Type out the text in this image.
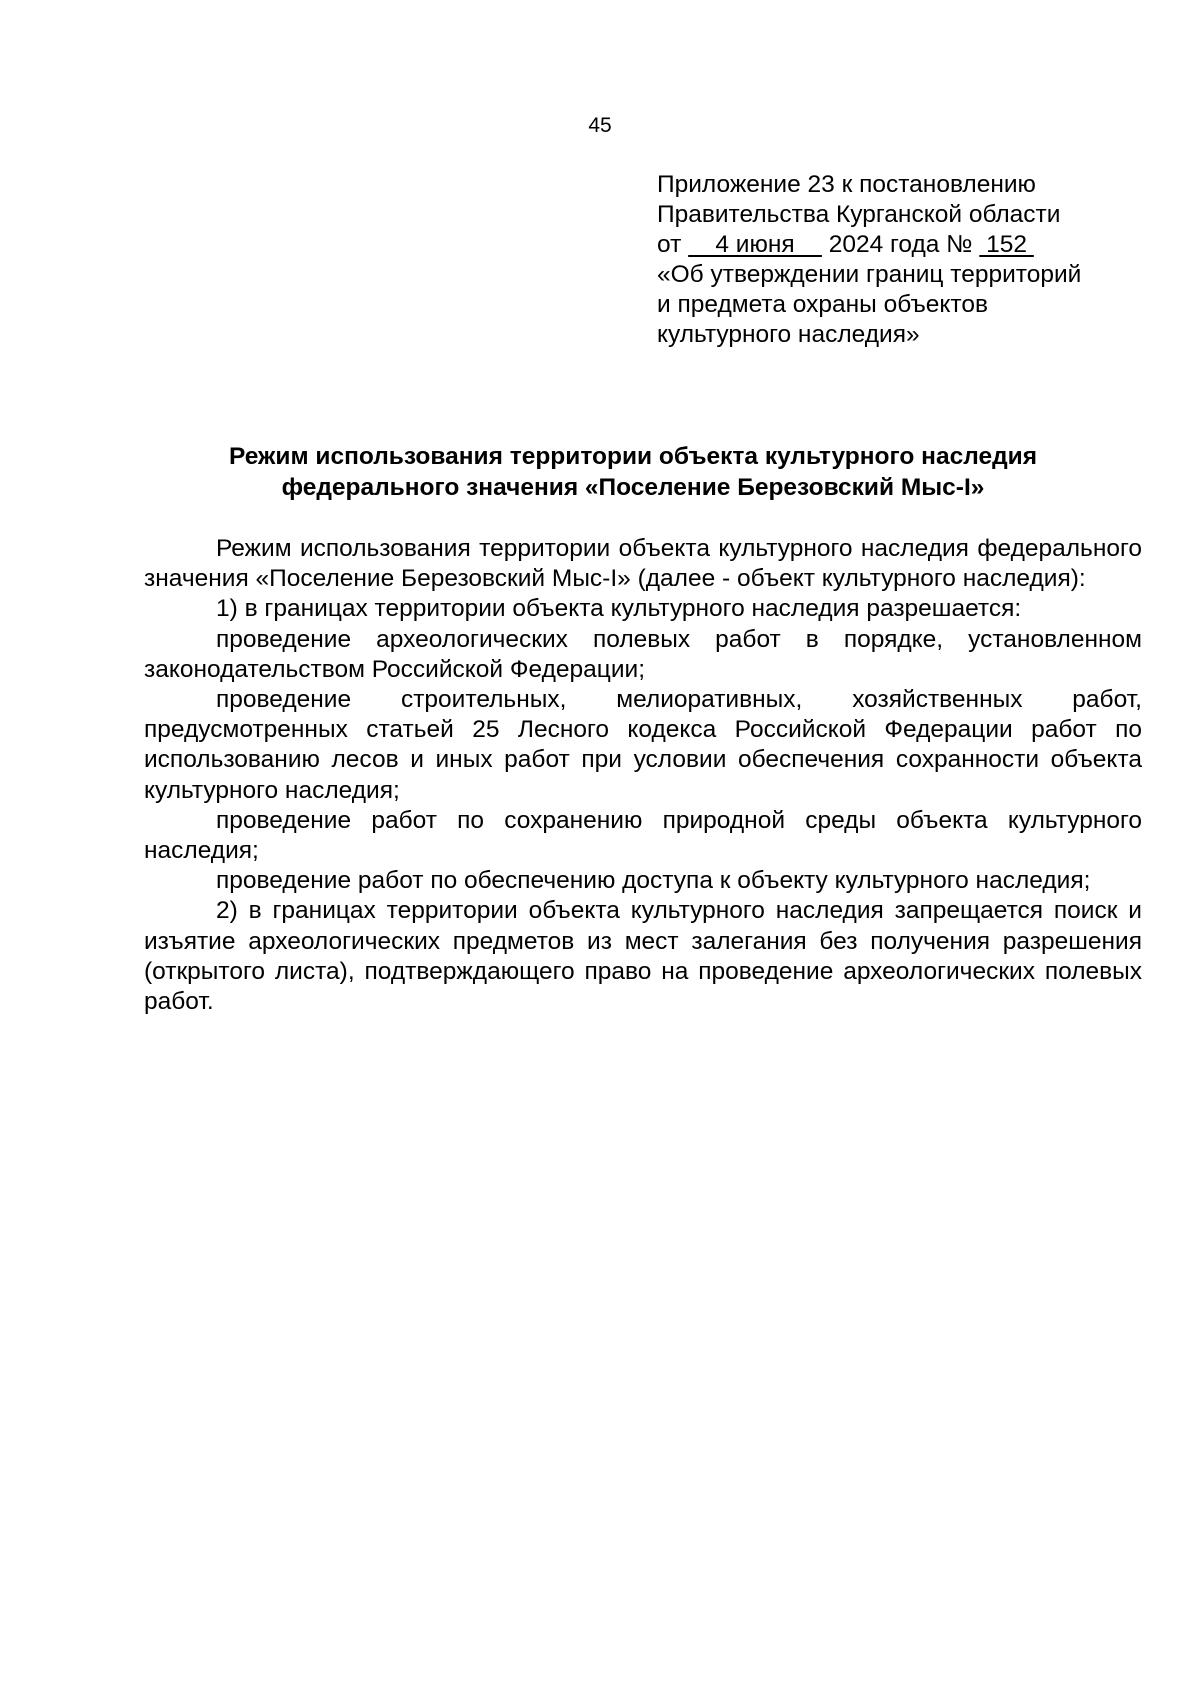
45
Приложение 23 к постановлению
Правительства Курганской области
от     4 июня     2024 года №  152
«Об утверждении границ территорий
и предмета охраны объектов
культурного наследия»
Режим использования территории объекта культурного наследия
федерального значения «Поселение Березовский Мыс-I»

Режим использования территории объекта культурного наследия федерального значения «Поселение Березовский Мыс-I» (далее - объект культурного наследия):

1) в границах территории объекта культурного наследия разрешается:

проведение археологических полевых работ в порядке, установленном законодательством Российской Федерации;

проведение строительных, мелиоративных, хозяйственных работ, предусмотренных статьей 25 Лесного кодекса Российской Федерации работ по использованию лесов и иных работ при условии обеспечения сохранности объекта культурного наследия;

проведение работ по сохранению природной среды объекта культурного наследия;

проведение работ по обеспечению доступа к объекту культурного наследия;

2) в границах территории объекта культурного наследия запрещается поиск и изъятие археологических предметов из мест залегания без получения разрешения (открытого листа), подтверждающего право на проведение археологических полевых работ.
